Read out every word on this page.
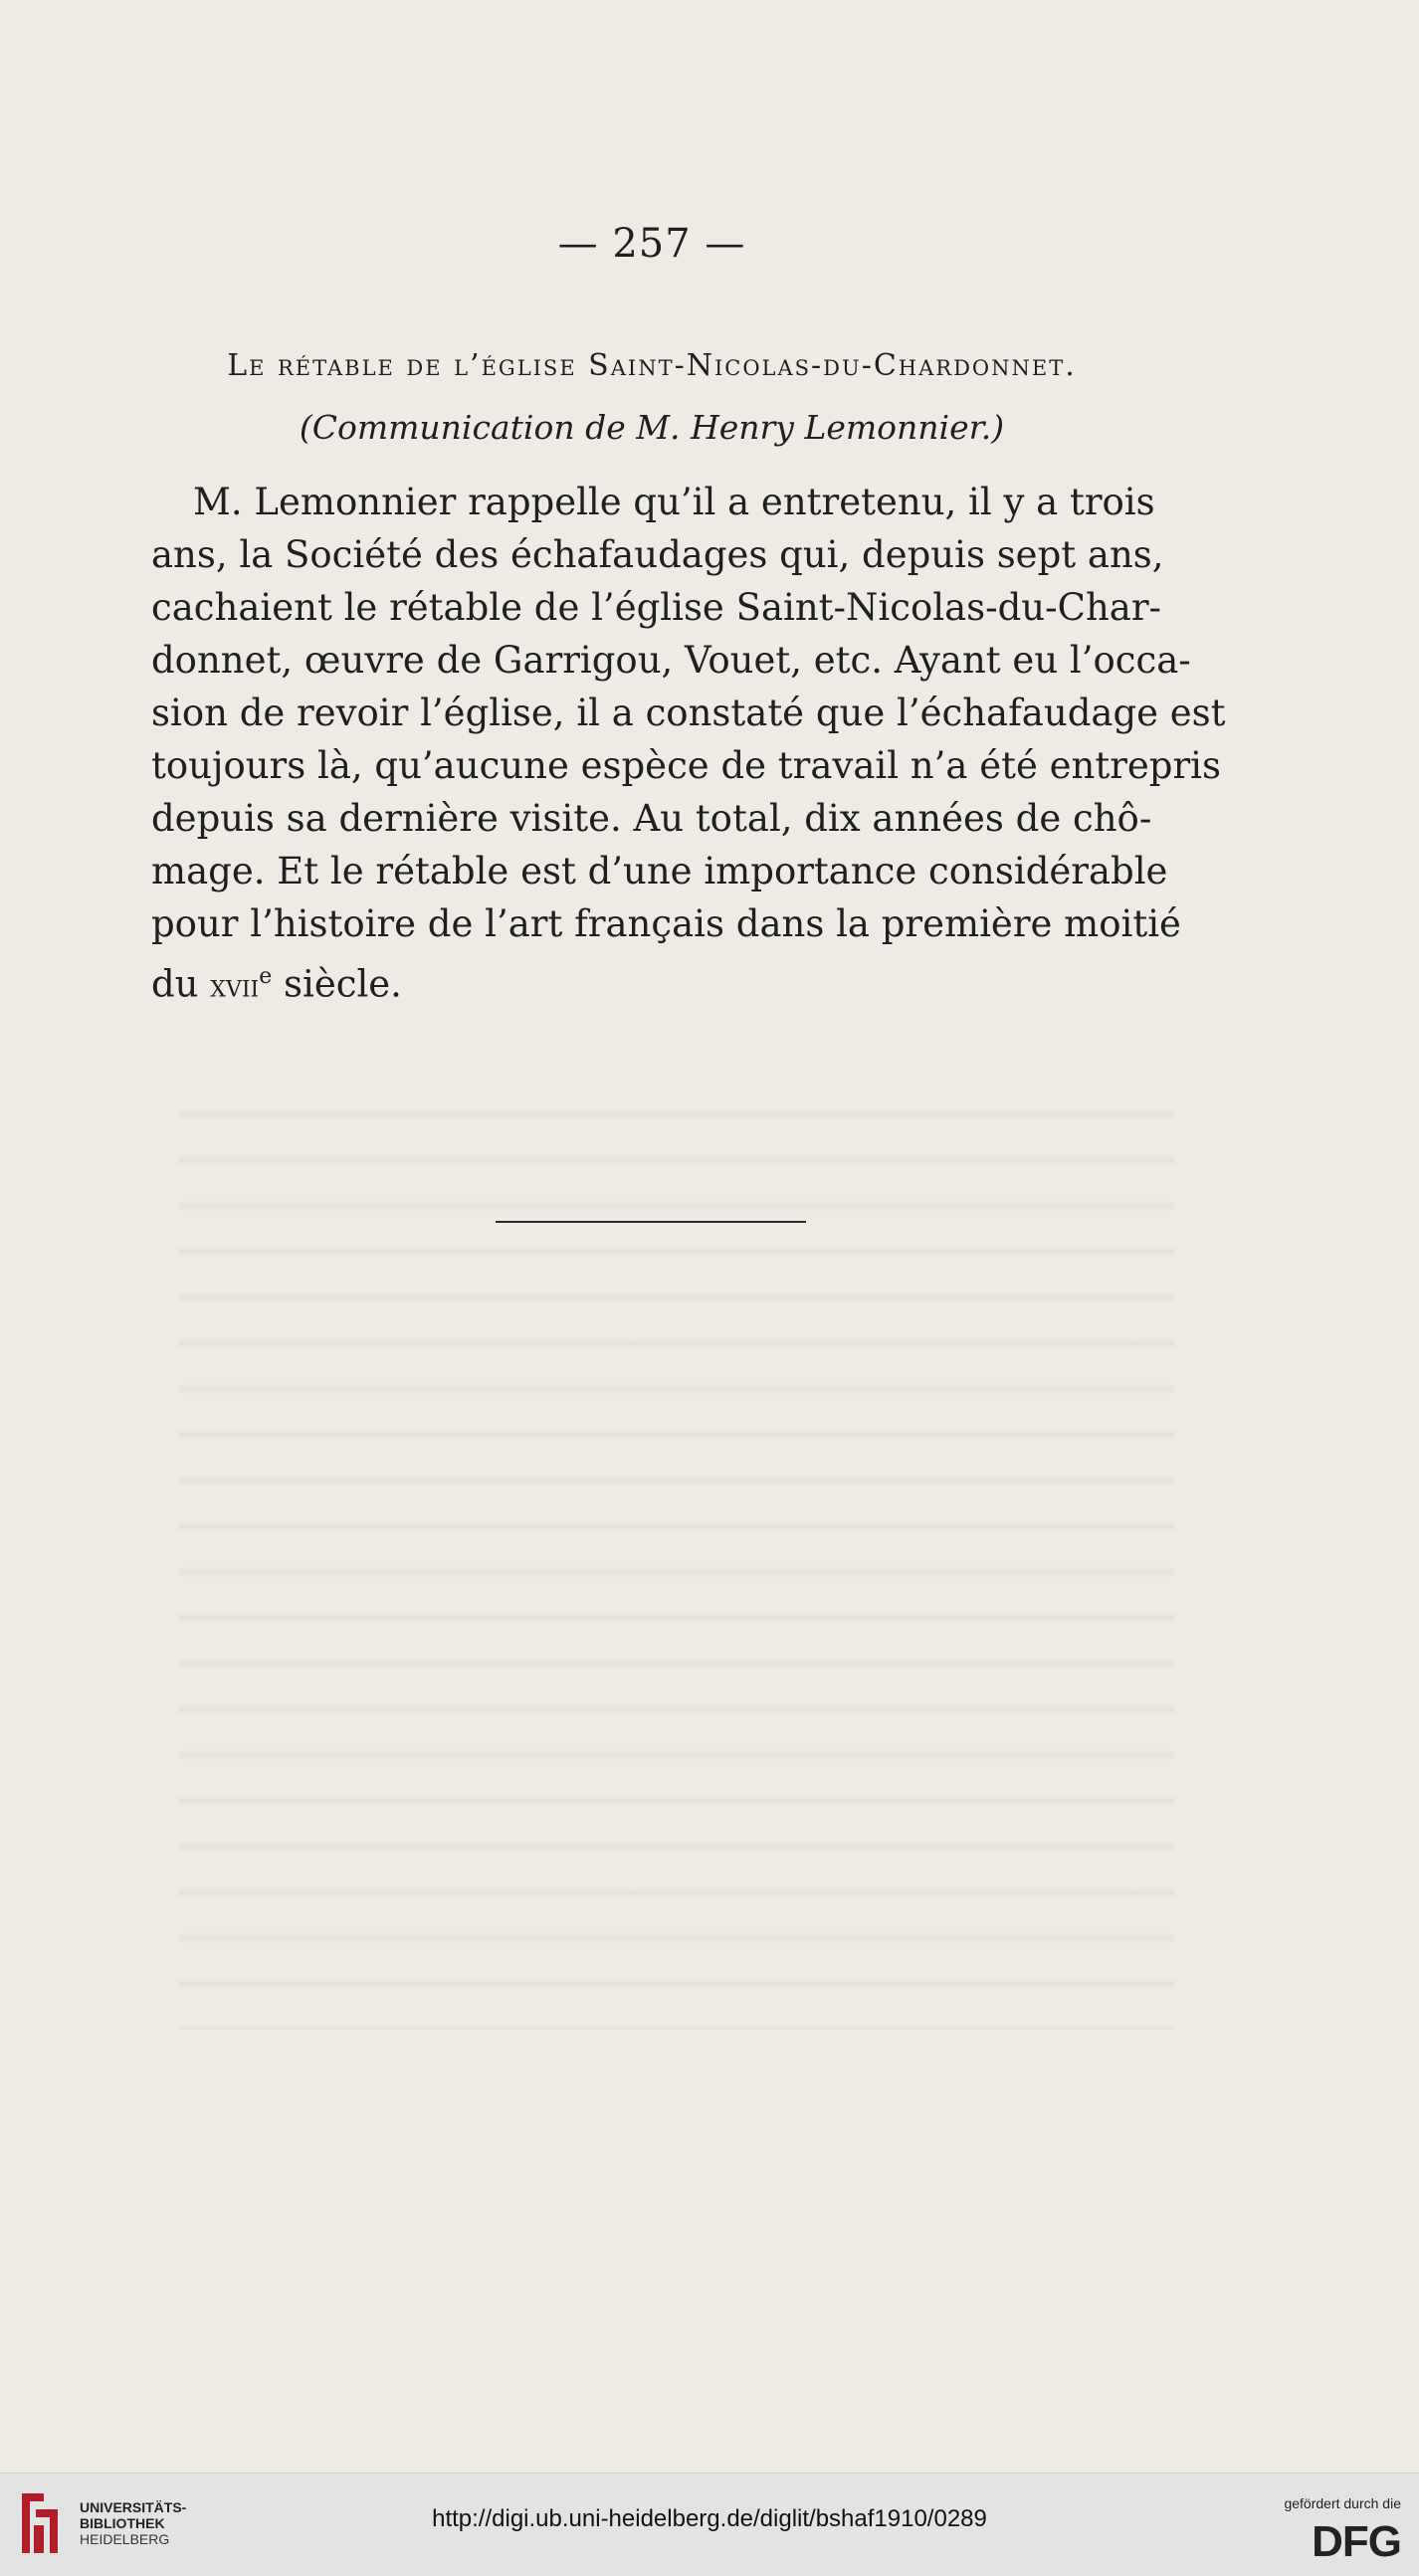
— 257 —
Le rétable de l’église Saint-Nicolas-du-Chardonnet.
(Communication de M. Henry Lemonnier.)
M. Lemonnier rappelle qu’il a entretenu, il y a trois
ans, la Société des échafaudages qui, depuis sept ans,
cachaient le rétable de l’église Saint-Nicolas-du-Char-
donnet, œuvre de Garrigou, Vouet, etc. Ayant eu l’occa-
sion de revoir l’église, il a constaté que l’échafaudage est
toujours là, qu’aucune espèce de travail n’a été entrepris
depuis sa dernière visite. Au total, dix années de chô-
mage. Et le rétable est d’une importance considérable
pour l’histoire de l’art français dans la première moitié
du xvii$^e$ siècle.
UNIVERSITÄTS-
BIBLIOTHEK
HEIDELBERG
http://digi.ub.uni-heidelberg.de/diglit/bshaf1910/0289
gefördert durch die
DFG
